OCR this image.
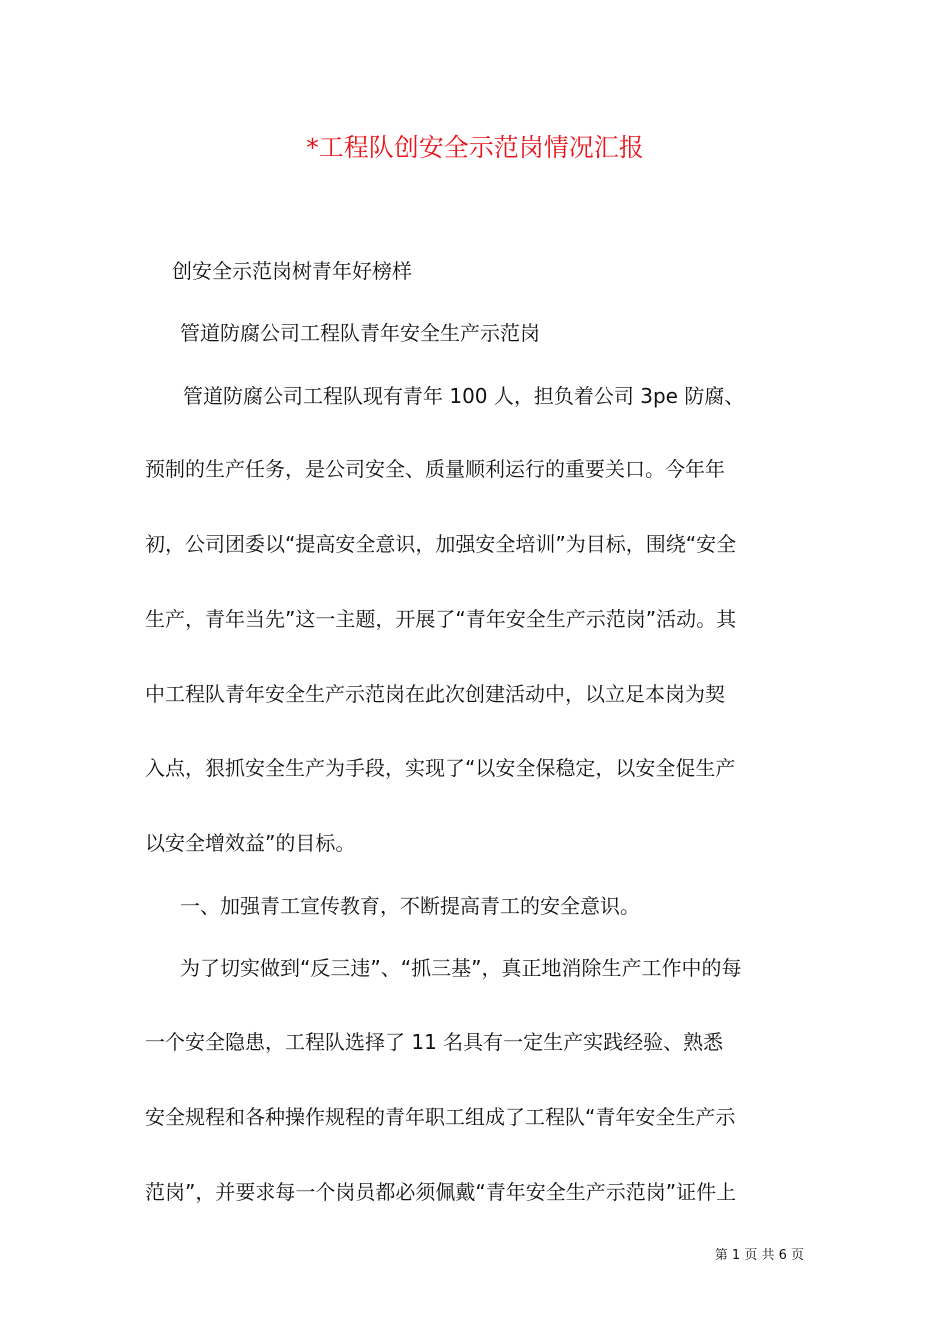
*工程队创安全示范岗情况汇报

创安全示范岗树青年好榜样

管道防腐公司工程队青年安全生产示范岗

管道防腐公司工程队现有青年 100 人，担负着公司 3pe 防腐、

预制的生产任务，是公司安全、质量顺利运行的重要关口。今年年

初，公司团委以“提高安全意识，加强安全培训”为目标，围绕“安全

生产，青年当先”这一主题，开展了“青年安全生产示范岗”活动。其

中工程队青年安全生产示范岗在此次创建活动中，以立足本岗为契

入点，狠抓安全生产为手段，实现了“以安全保稳定，以安全促生产

以安全增效益”的目标。

一、加强青工宣传教育，不断提高青工的安全意识。

为了切实做到“反三违”、“抓三基”，真正地消除生产工作中的每

一个安全隐患，工程队选择了 11 名具有一定生产实践经验、熟悉

安全规程和各种操作规程的青年职工组成了工程队“青年安全生产示

范岗”，并要求每一个岗员都必须佩戴“青年安全生产示范岗”证件上

第 1 页 共 6 页
